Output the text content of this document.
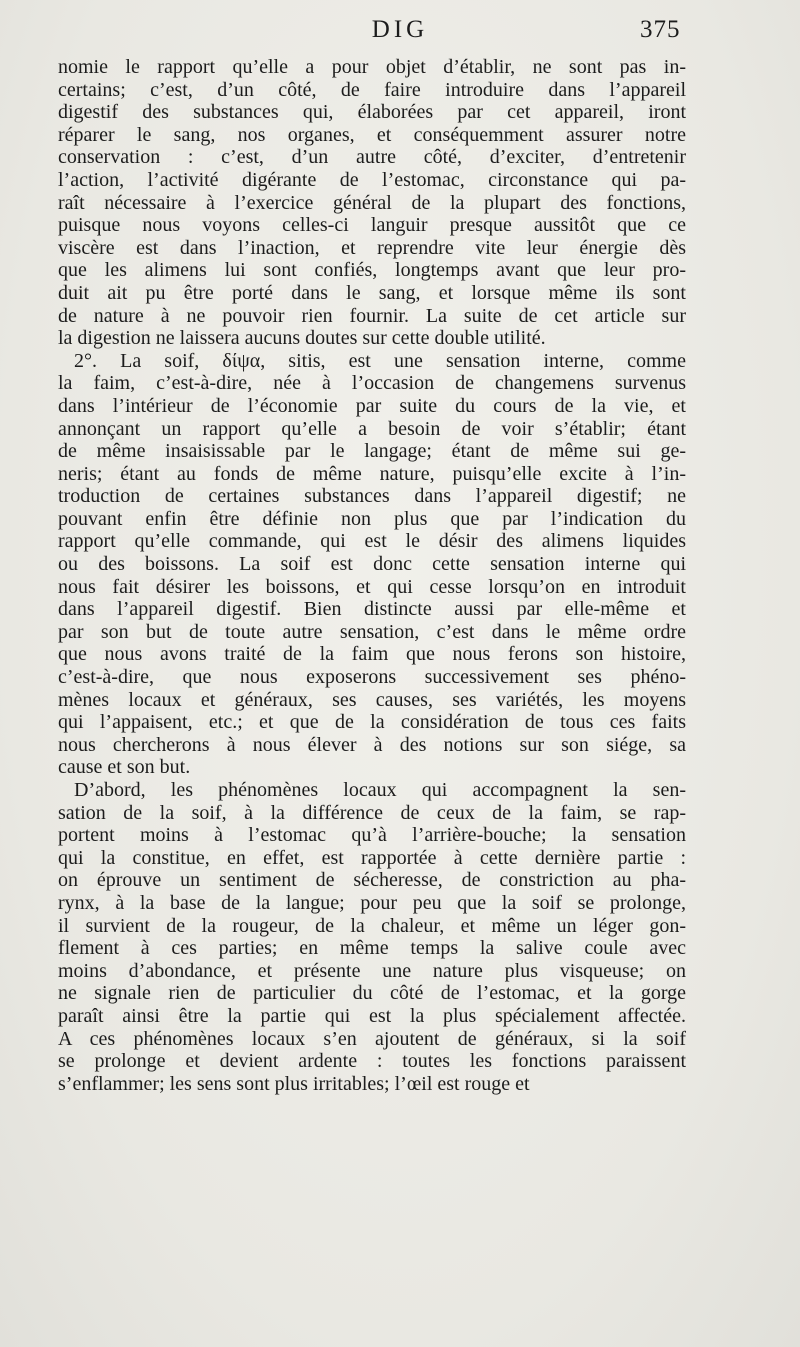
DIG	375
nomie le rapport qu’elle a pour objet d’établir, ne sont pas in-
certains; c’est, d’un côté, de faire introduire dans l’appareil
digestif des substances qui, élaborées par cet appareil, iront
réparer le sang, nos organes, et conséquemment assurer notre
conservation : c’est, d’un autre côté, d’exciter, d’entretenir
l’action, l’activité digérante de l’estomac, circonstance qui pa-
raît nécessaire à l’exercice général de la plupart des fonctions,
puisque nous voyons celles-ci languir presque aussitôt que ce
viscère est dans l’inaction, et reprendre vite leur énergie dès
que les alimens lui sont confiés, longtemps avant que leur pro-
duit ait pu être porté dans le sang, et lorsque même ils sont
de nature à ne pouvoir rien fournir. La suite de cet article sur
la digestion ne laissera aucuns doutes sur cette double utilité.
2°. La soif, δίψα, sitis, est une sensation interne, comme
la faim, c’est-à-dire, née à l’occasion de changemens survenus
dans l’intérieur de l’économie par suite du cours de la vie, et
annonçant un rapport qu’elle a besoin de voir s’établir; étant
de même insaisissable par le langage; étant de même sui ge-
neris; étant au fonds de même nature, puisqu’elle excite à l’in-
troduction de certaines substances dans l’appareil digestif; ne
pouvant enfin être définie non plus que par l’indication du
rapport qu’elle commande, qui est le désir des alimens liquides
ou des boissons. La soif est donc cette sensation interne qui
nous fait désirer les boissons, et qui cesse lorsqu’on en introduit
dans l’appareil digestif. Bien distincte aussi par elle-même et
par son but de toute autre sensation, c’est dans le même ordre
que nous avons traité de la faim que nous ferons son histoire,
c’est-à-dire, que nous exposerons successivement ses phéno-
mènes locaux et généraux, ses causes, ses variétés, les moyens
qui l’appaisent, etc.; et que de la considération de tous ces faits
nous chercherons à nous élever à des notions sur son siége, sa
cause et son but.
D’abord, les phénomènes locaux qui accompagnent la sen-
sation de la soif, à la différence de ceux de la faim, se rap-
portent moins à l’estomac qu’à l’arrière-bouche; la sensation
qui la constitue, en effet, est rapportée à cette dernière partie :
on éprouve un sentiment de sécheresse, de constriction au pha-
rynx, à la base de la langue; pour peu que la soif se prolonge,
il survient de la rougeur, de la chaleur, et même un léger gon-
flement à ces parties; en même temps la salive coule avec
moins d’abondance, et présente une nature plus visqueuse; on
ne signale rien de particulier du côté de l’estomac, et la gorge
paraît ainsi être la partie qui est la plus spécialement affectée.
A ces phénomènes locaux s’en ajoutent de généraux, si la soif
se prolonge et devient ardente : toutes les fonctions paraissent
s’enflammer; les sens sont plus irritables; l’œil est rouge et
